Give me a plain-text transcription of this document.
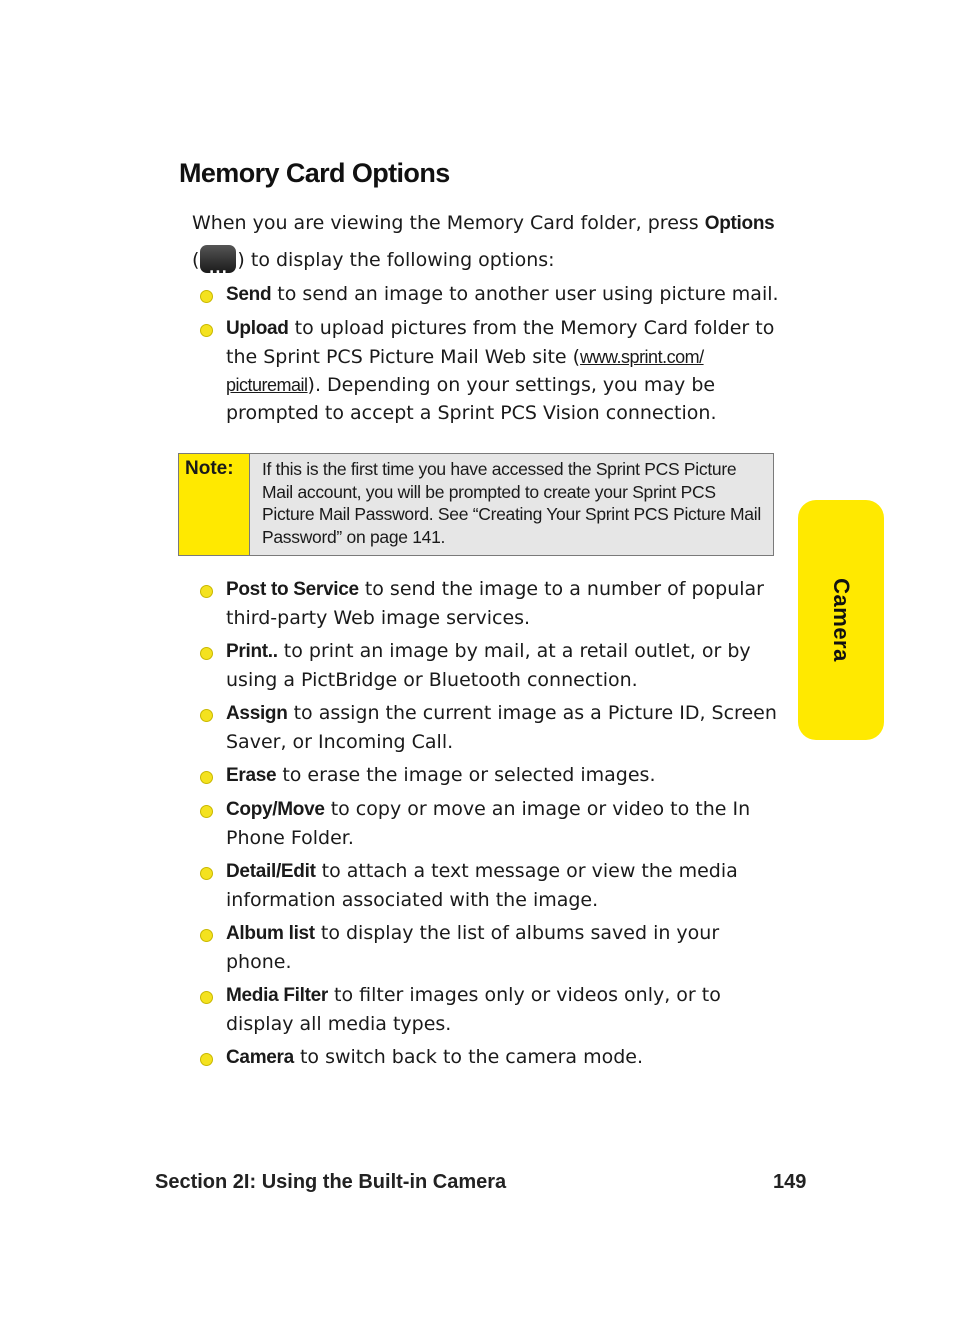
Memory Card Options
When you are viewing the Memory Card folder, press Options
( ... ) to display the following options:
Send to send an image to another user using picture mail.
Upload to upload pictures from the Memory Card folder to the Sprint PCS Picture Mail Web site (www.sprint.com/ picturemail). Depending on your settings, you may be prompted to accept a Sprint PCS Vision connection.
Note:	If this is the first time you have accessed the Sprint PCS Picture Mail account, you will be prompted to create your Sprint PCS Picture Mail Password. See “Creating Your Sprint PCS Picture Mail Password” on page 141.
Post to Service to send the image to a number of popular third-party Web image services.
Print.. to print an image by mail, at a retail outlet, or by using a PictBridge or Bluetooth connection.
Assign to assign the current image as a Picture ID, Screen Saver, or Incoming Call.
Erase to erase the image or selected images.
Copy/Move to copy or move an image or video to the In Phone Folder.
Detail/Edit to attach a text message or view the media information associated with the image.
Album list to display the list of albums saved in your phone.
Media Filter to filter images only or videos only, or to display all media types.
Camera to switch back to the camera mode.
Camera
Section 2I: Using the Built-in Camera	149
